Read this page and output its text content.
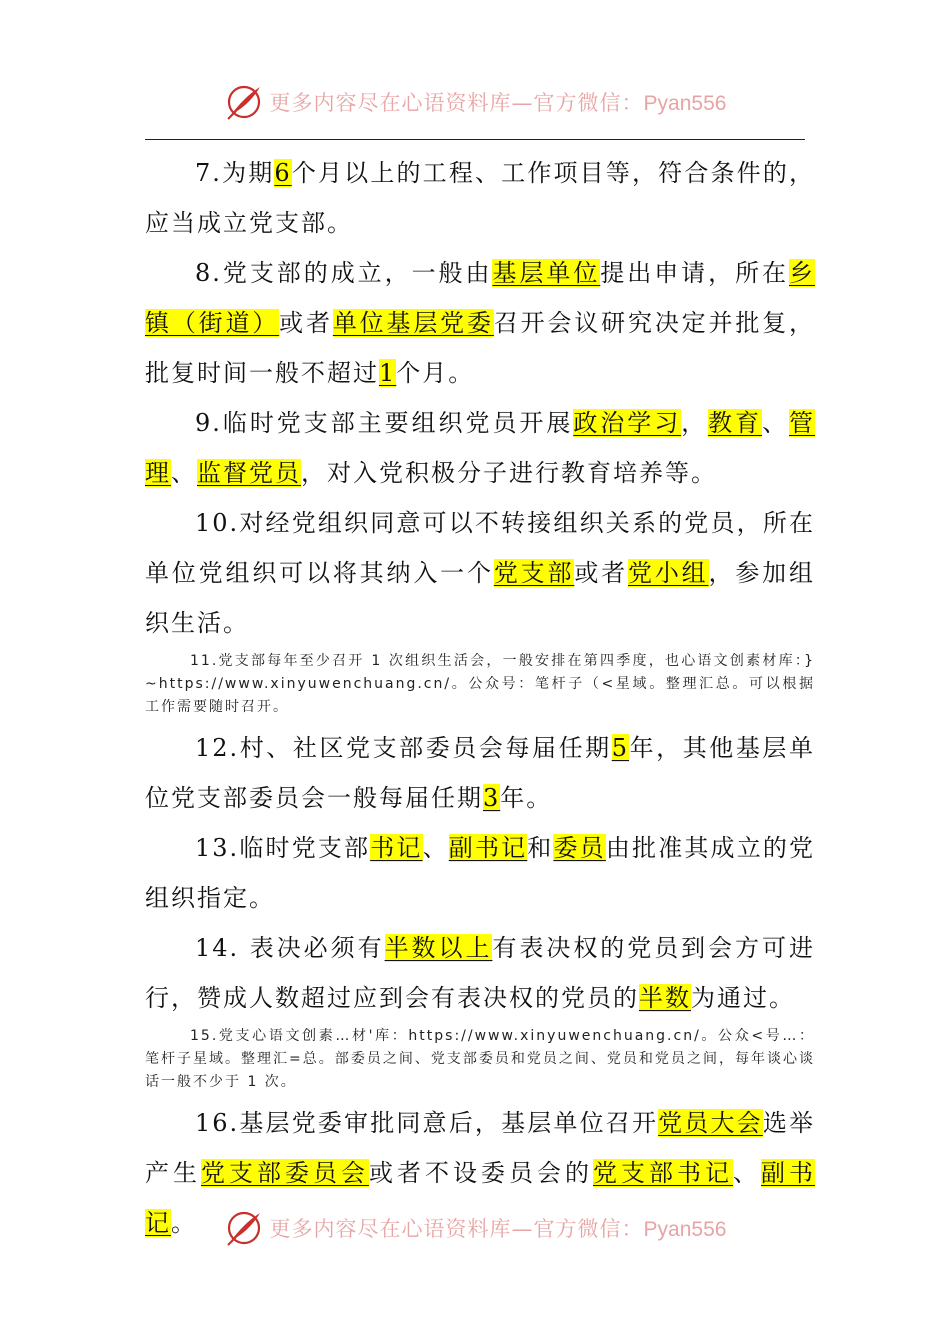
更多内容尽在心语资料库—官方微信：Pyan556

7.为期6个月以上的工程、工作项目等，符合条件的，应当成立党支部。

8.党支部的成立，一般由基层单位提出申请，所在乡镇（街道）或者单位基层党委召开会议研究决定并批复，批复时间一般不超过1个月。

9.临时党支部主要组织党员开展政治学习，教育、管理、监督党员，对入党积极分子进行教育培养等。

10.对经党组织同意可以不转接组织关系的党员，所在单位党组织可以将其纳入一个党支部或者党小组，参加组织生活。

11.党支部每年至少召开 1 次组织生活会，一般安排在第四季度，也心语文创素材库：}~https://www.xinyuwenchuang.cn/。公众号：笔杆子（<星域。整理汇总。可以根据工作需要随时召开。

12.村、社区党支部委员会每届任期5年，其他基层单位党支部委员会一般每届任期3年。

13.临时党支部书记、副书记和委员由批准其成立的党组织指定。

14. 表决必须有半数以上有表决权的党员到会方可进行，赞成人数超过应到会有表决权的党员的半数为通过。

15.党支心语文创素…材'库：https://www.xinyuwenchuang.cn/。公众<号…：笔杆子星域。整理汇=总。部委员之间、党支部委员和党员之间、党员和党员之间，每年谈心谈话一般不少于 1 次。

16.基层党委审批同意后，基层单位召开党员大会选举产生党支部委员会或者不设委员会的党支部书记、副书记。	更多内容尽在心语资料库—官方微信：Pyan556
